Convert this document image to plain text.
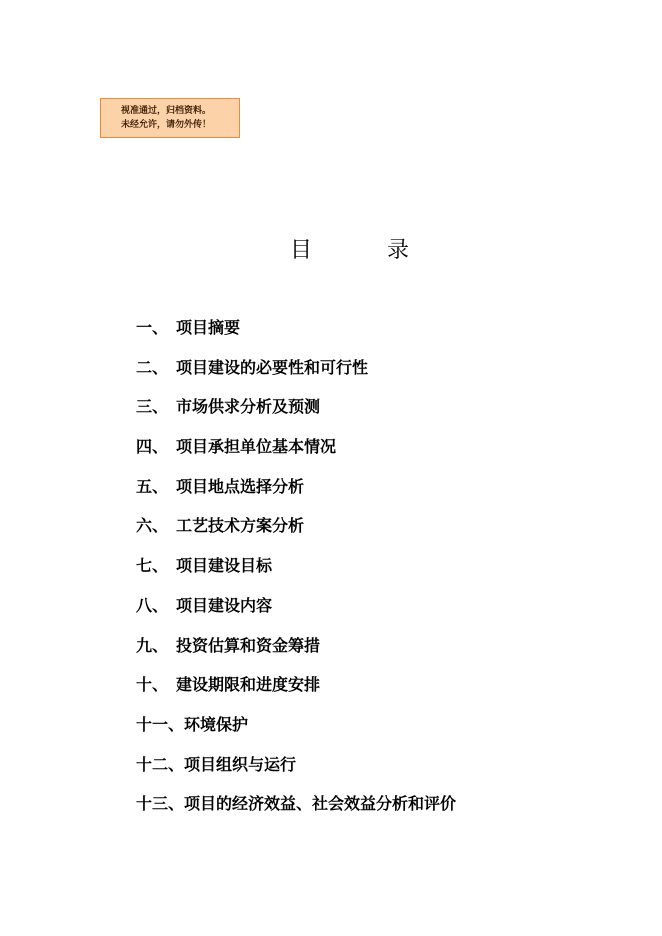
视准通过，归档资料。
未经允许，请勿外传！
目	录
一、 项目摘要
二、 项目建设的必要性和可行性
三、 市场供求分析及预测
四、 项目承担单位基本情况
五、 项目地点选择分析
六、 工艺技术方案分析
七、 项目建设目标
八、 项目建设内容
九、 投资估算和资金筹措
十、 建设期限和进度安排
十一、环境保护
十二、项目组织与运行
十三、项目的经济效益、社会效益分析和评价
